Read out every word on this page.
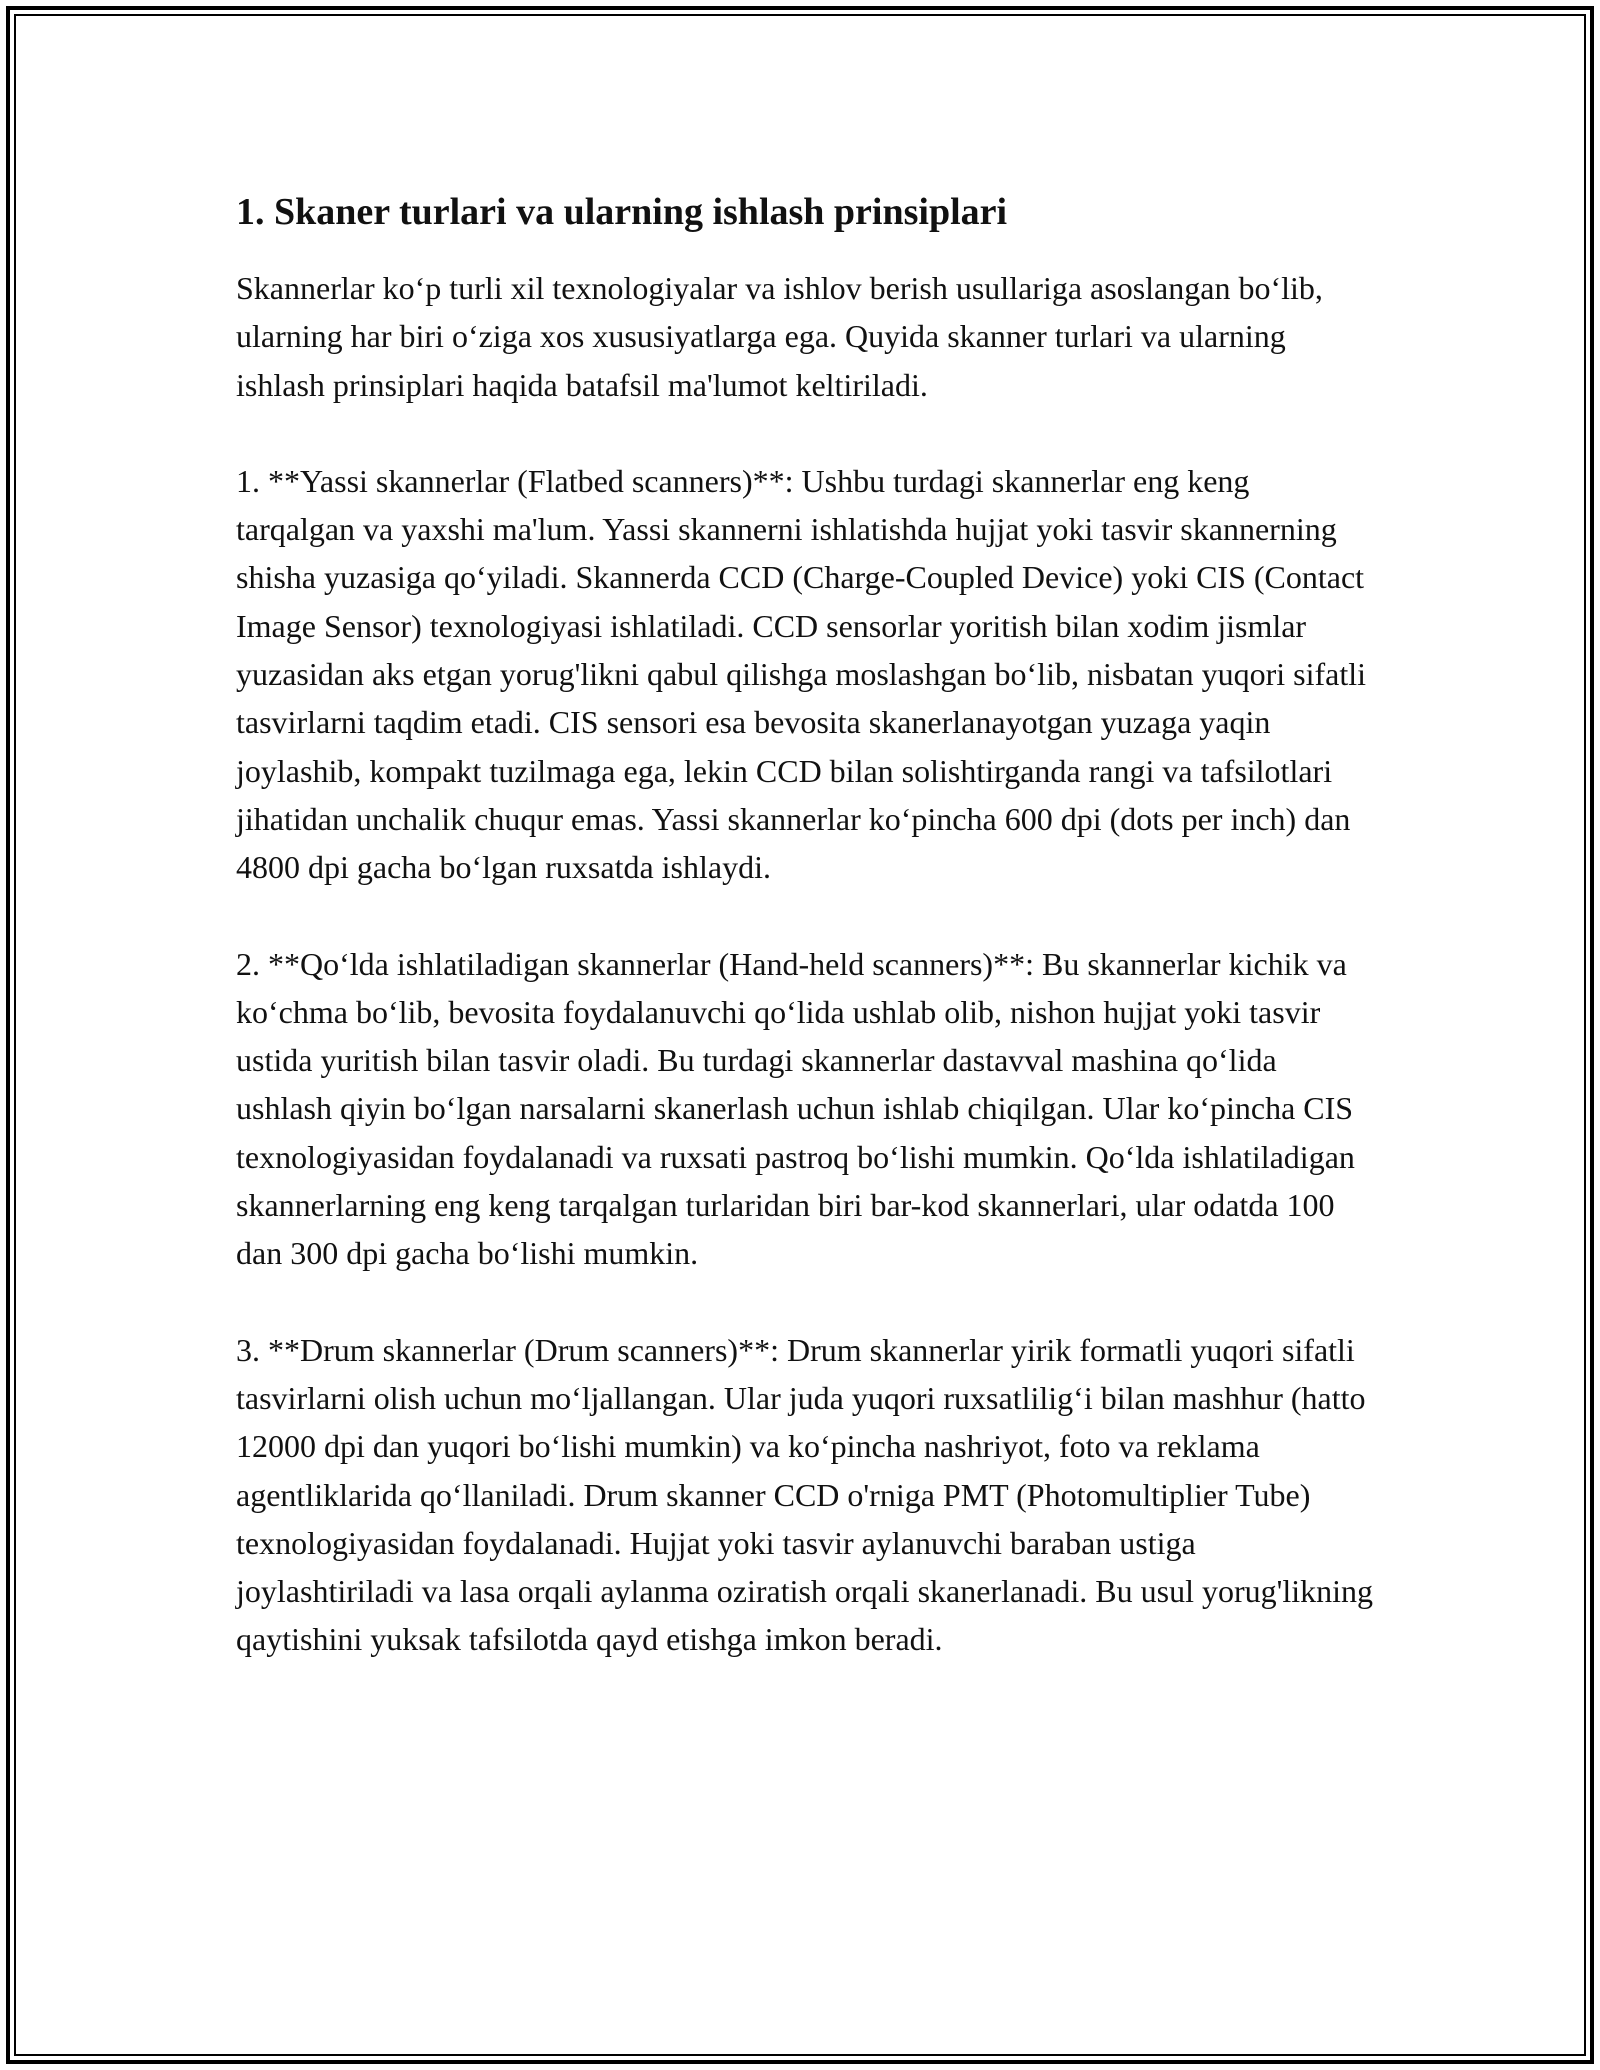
1. Skaner turlari va ularning ishlash prinsiplari

Skannerlar ko‘p turli xil texnologiyalar va ishlov berish usullariga asoslangan bo‘lib, ularning har biri o‘ziga xos xususiyatlarga ega. Quyida skanner turlari va ularning ishlash prinsiplari haqida batafsil ma'lumot keltiriladi.

1. **Yassi skannerlar (Flatbed scanners)**: Ushbu turdagi skannerlar eng keng tarqalgan va yaxshi ma'lum. Yassi skannerni ishlatishda hujjat yoki tasvir skannerning shisha yuzasiga qo‘yiladi. Skannerda CCD (Charge-Coupled Device) yoki CIS (Contact Image Sensor) texnologiyasi ishlatiladi. CCD sensorlar yoritish bilan xodim jismlar yuzasidan aks etgan yorug'likni qabul qilishga moslashgan bo‘lib, nisbatan yuqori sifatli tasvirlarni taqdim etadi. CIS sensori esa bevosita skanerlanayotgan yuzaga yaqin joylashib, kompakt tuzilmaga ega, lekin CCD bilan solishtirganda rangi va tafsilotlari jihatidan unchalik chuqur emas. Yassi skannerlar ko‘pincha 600 dpi (dots per inch) dan 4800 dpi gacha bo‘lgan ruxsatda ishlaydi.

2. **Qo‘lda ishlatiladigan skannerlar (Hand-held scanners)**: Bu skannerlar kichik va ko‘chma bo‘lib, bevosita foydalanuvchi qo‘lida ushlab olib, nishon hujjat yoki tasvir ustida yuritish bilan tasvir oladi. Bu turdagi skannerlar dastavval mashina qo‘lida ushlash qiyin bo‘lgan narsalarni skanerlash uchun ishlab chiqilgan. Ular ko‘pincha CIS texnologiyasidan foydalanadi va ruxsati pastroq bo‘lishi mumkin. Qo‘lda ishlatiladigan skannerlarning eng keng tarqalgan turlaridan biri bar-kod skannerlari, ular odatda 100 dan 300 dpi gacha bo‘lishi mumkin.

3. **Drum skannerlar (Drum scanners)**: Drum skannerlar yirik formatli yuqori sifatli tasvirlarni olish uchun mo‘ljallangan. Ular juda yuqori ruxsatlilig‘i bilan mashhur (hatto 12000 dpi dan yuqori bo‘lishi mumkin) va ko‘pincha nashriyot, foto va reklama agentliklarida qo‘llaniladi. Drum skanner CCD o'rniga PMT (Photomultiplier Tube) texnologiyasidan foydalanadi. Hujjat yoki tasvir aylanuvchi baraban ustiga joylashtiriladi va lasa orqali aylanma oziratish orqali skanerlanadi. Bu usul yorug'likning qaytishini yuksak tafsilotda qayd etishga imkon beradi.
